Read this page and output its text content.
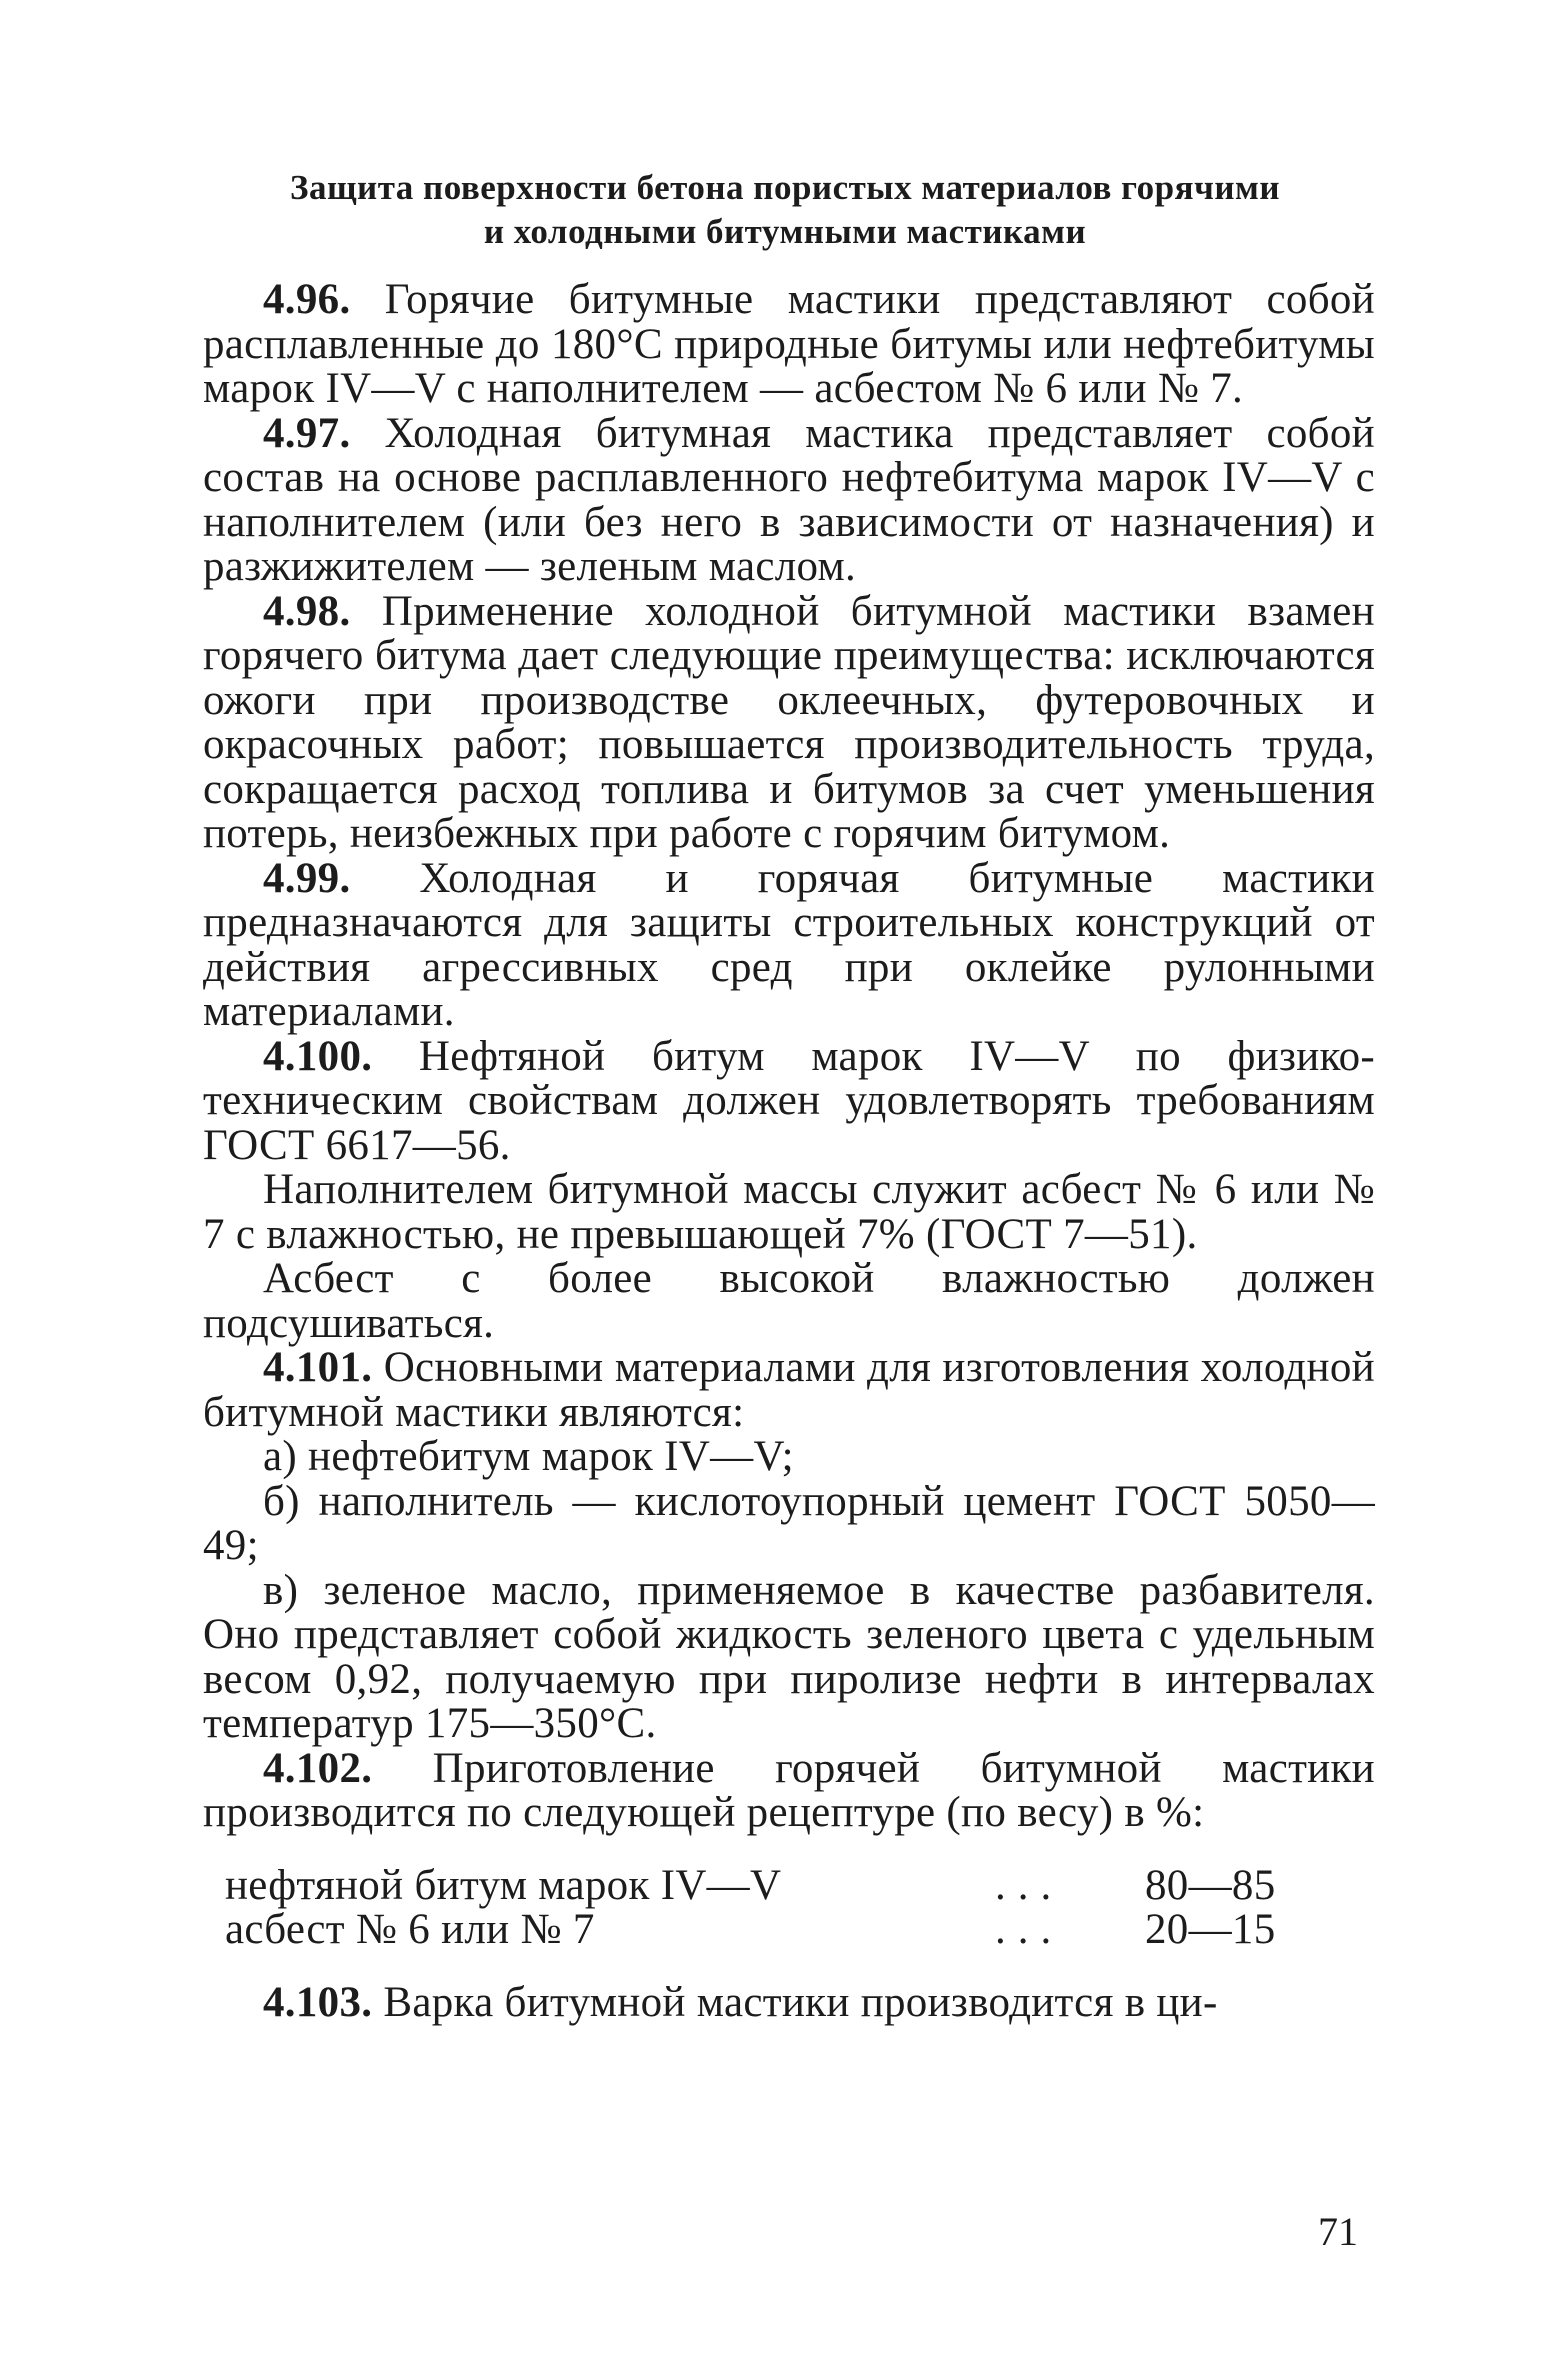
Защита поверхности бетона пористых материалов горячими
и холодными битумными мастиками
4.96. Горячие битумные мастики представляют собой расплавленные до 180°С природные битумы или нефтебитумы марок IV—V с наполнителем — асбестом № 6 или № 7.
4.97. Холодная битумная мастика представляет собой состав на основе расплавленного нефтебитума марок IV—V с наполнителем (или без него в зависимости от назначения) и разжижителем — зеленым маслом.
4.98. Применение холодной битумной мастики взамен горячего битума дает следующие преимущества: исключаются ожоги при производстве оклеечных, футеровочных и окрасочных работ; повышается производительность труда, сокращается расход топлива и битумов за счет уменьшения потерь, неизбежных при работе с горячим битумом.
4.99. Холодная и горячая битумные мастики предназначаются для защиты строительных конструкций от действия агрессивных сред при оклейке рулонными материалами.
4.100. Нефтяной битум марок IV—V по физико-техническим свойствам должен удовлетворять требованиям ГОСТ 6617—56.
Наполнителем битумной массы служит асбест № 6 или № 7 с влажностью, не превышающей 7% (ГОСТ 7—51).
Асбест с более высокой влажностью должен подсушиваться.
4.101. Основными материалами для изготовления холодной битумной мастики являются:
а) нефтебитум марок IV—V;
б) наполнитель — кислотоупорный цемент ГОСТ 5050—49;
в) зеленое масло, применяемое в качестве разбавителя. Оно представляет собой жидкость зеленого цвета с удельным весом 0,92, получаемую при пиролизе нефти в интервалах температур 175—350°С.
4.102. Приготовление горячей битумной мастики производится по следующей рецептуре (по весу) в %:
нефтяной битум марок IV—V	...	80—85
асбест № 6 или № 7	...	20—15
4.103. Варка битумной мастики производится в ци-
71
